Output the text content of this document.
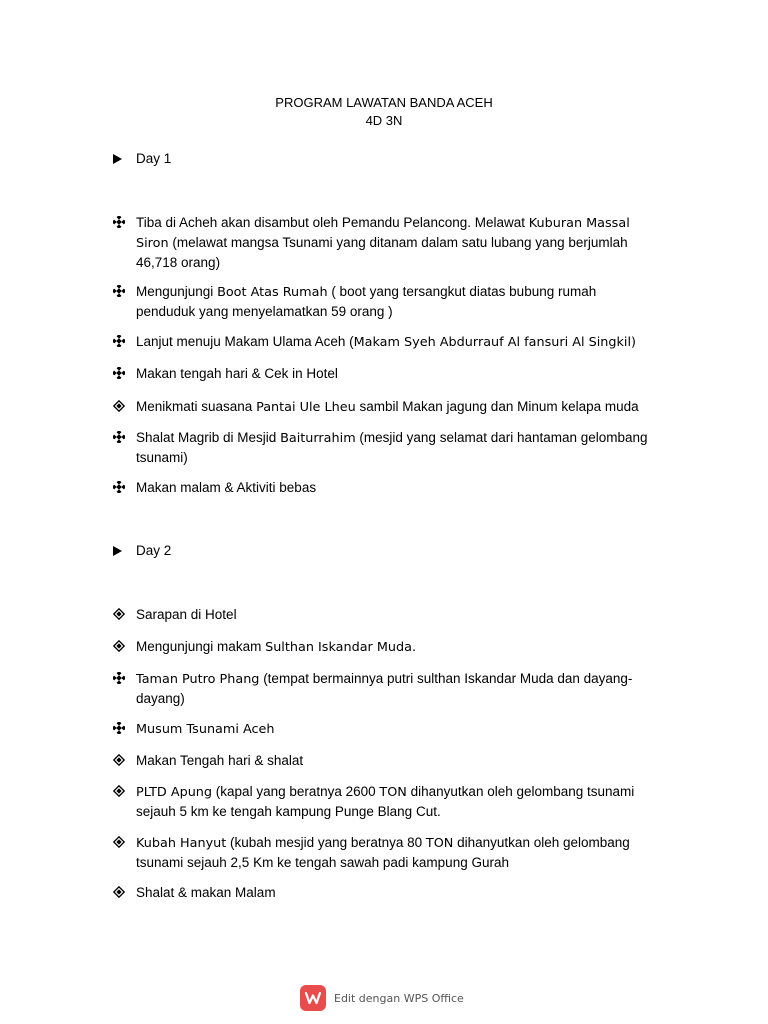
PROGRAM LAWATAN BANDA ACEH
4D 3N
Day 1
Tiba di Acheh akan disambut oleh Pemandu Pelancong. Melawat Kuburan Massal Siron (melawat mangsa Tsunami yang ditanam dalam satu lubang yang berjumlah 46,718 orang)
Mengunjungi Boot Atas Rumah ( boot yang tersangkut diatas bubung rumah penduduk yang menyelamatkan 59 orang )
Lanjut menuju Makam Ulama Aceh (Makam Syeh Abdurrauf Al fansuri Al Singkil)
Makan tengah hari & Cek in Hotel
Menikmati suasana Pantai Ule Lheu sambil Makan jagung dan Minum kelapa muda
Shalat Magrib di Mesjid Baiturrahim (mesjid yang selamat dari hantaman gelombang tsunami)
Makan malam & Aktiviti bebas
Day 2
Sarapan di Hotel
Mengunjungi makam Sulthan Iskandar Muda.
Taman Putro Phang (tempat bermainnya putri sulthan Iskandar Muda dan dayang-dayang)
Musum Tsunami Aceh
Makan Tengah hari & shalat
PLTD Apung (kapal yang beratnya 2600 TON dihanyutkan oleh gelombang tsunami sejauh 5 km ke tengah kampung Punge Blang Cut.
Kubah Hanyut (kubah mesjid yang beratnya 80 TON dihanyutkan oleh gelombang tsunami sejauh 2,5 Km ke tengah sawah padi kampung Gurah
Shalat & makan Malam
Edit dengan WPS Office
